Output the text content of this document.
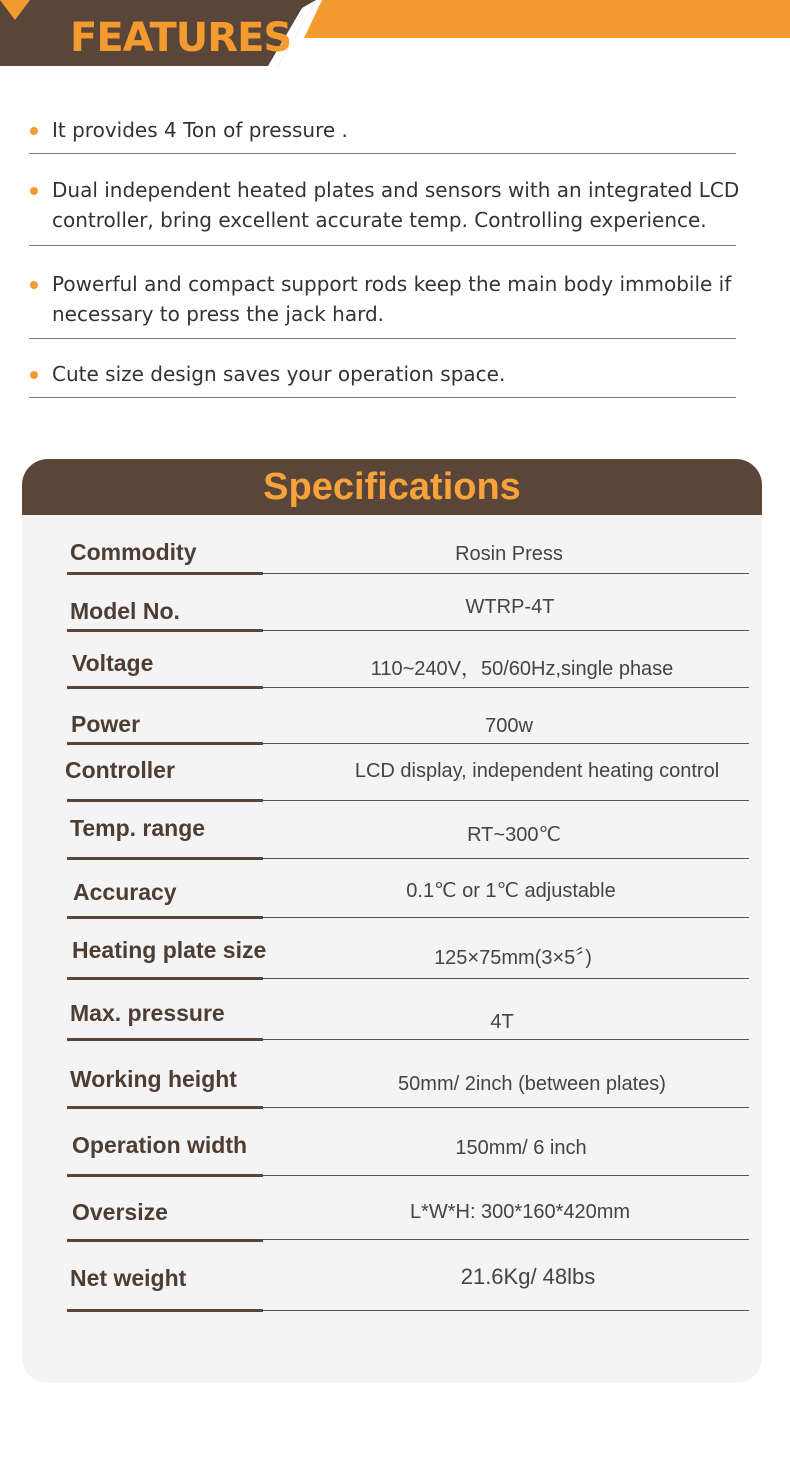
FEATURES
It provides 4 Ton of pressure .
Dual independent heated plates and sensors with an integrated LCD controller, bring excellent accurate temp. Controlling experience.
Powerful and compact support rods keep the main body immobile if necessary to press the jack hard.
Cute size design saves your operation space.
Specifications
Commodity	Rosin Press
Model No.	WTRP-4T
Voltage	110~240V，50/60Hz,single phase
Power	700w
Controller	LCD display, independent heating control
Temp. range	RT~300℃
Accuracy	0.1℃ or 1℃ adjustable
Heating plate size	125×75mm(3×5〞)
Max. pressure	4T
Working height	50mm/ 2inch (between plates)
Operation width	150mm/ 6 inch
Oversize	L*W*H: 300*160*420mm
Net weight	21.6Kg/ 48lbs
